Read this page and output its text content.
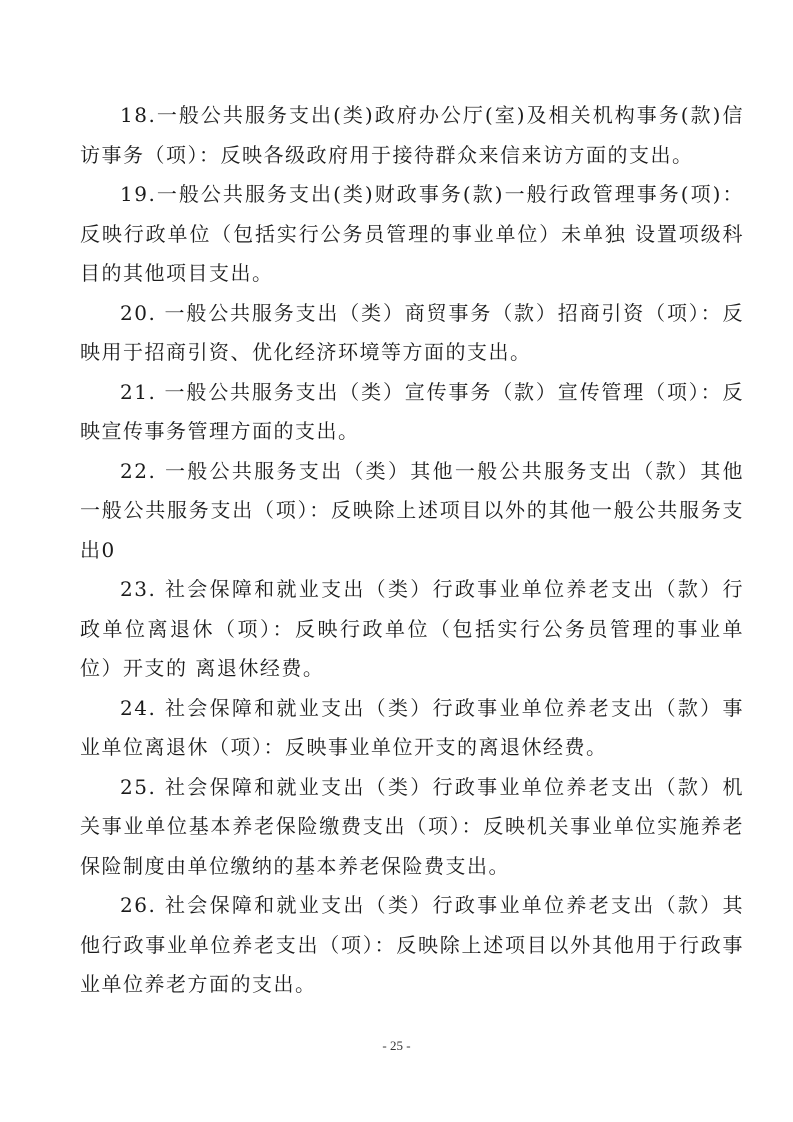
18.一般公共服务支出(类)政府办公厅(室)及相关机构事务(款)信访事务（项）：反映各级政府用于接待群众来信来访方面的支出。

19.一般公共服务支出(类)财政事务(款)一般行政管理事务(项)：反映行政单位（包括实行公务员管理的事业单位）未单独 设置项级科目的其他项目支出。

20. 一般公共服务支出（类）商贸事务（款）招商引资（项）：反映用于招商引资、优化经济环境等方面的支出。

21. 一般公共服务支出（类）宣传事务（款）宣传管理（项）：反映宣传事务管理方面的支出。

22. 一般公共服务支出（类）其他一般公共服务支出（款）其他一般公共服务支出（项）：反映除上述项目以外的其他一般公共服务支出0

23. 社会保障和就业支出（类）行政事业单位养老支出（款）行政单位离退休（项）：反映行政单位（包括实行公务员管理的事业单位）开支的 离退休经费。

24. 社会保障和就业支出（类）行政事业单位养老支出（款）事业单位离退休（项）：反映事业单位开支的离退休经费。

25. 社会保障和就业支出（类）行政事业单位养老支出（款）机关事业单位基本养老保险缴费支出（项）：反映机关事业单位实施养老保险制度由单位缴纳的基本养老保险费支出。

26. 社会保障和就业支出（类）行政事业单位养老支出（款）其他行政事业单位养老支出（项）：反映除上述项目以外其他用于行政事业单位养老方面的支出。

- 25 -
